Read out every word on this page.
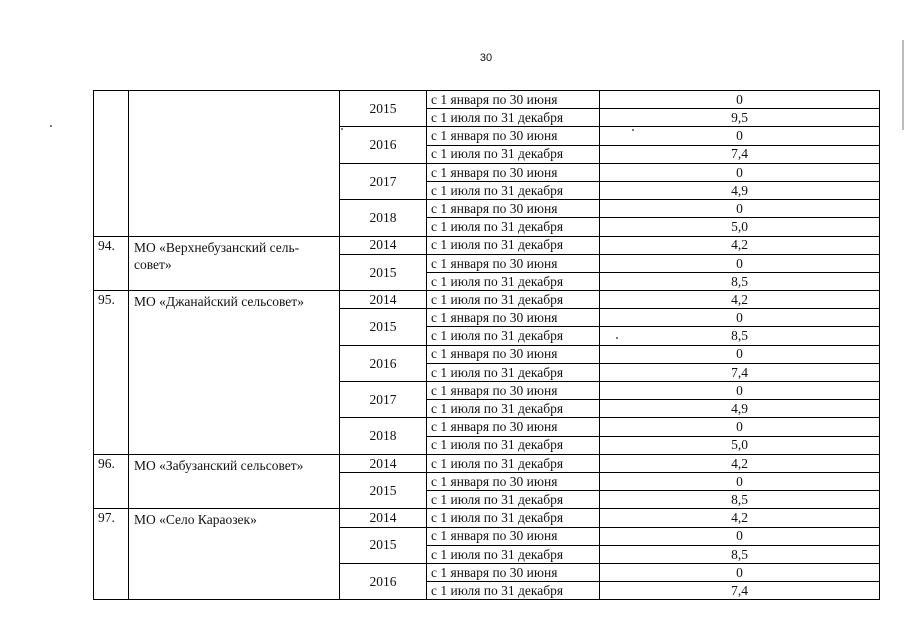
30
		2015	с 1 января по 30 июня	0
			с 1 июля по 31 декабря	9,5
		2016	с 1 января по 30 июня	0
			с 1 июля по 31 декабря	7,4
		2017	с 1 января по 30 июня	0
			с 1 июля по 31 декабря	4,9
		2018	с 1 января по 30 июня	0
			с 1 июля по 31 декабря	5,0
94.	МО «Верхнебузанский сель-совет»	2014	с 1 июля по 31 декабря	4,2
		2015	с 1 января по 30 июня	0
			с 1 июля по 31 декабря	8,5
95.	МО «Джанайский сельсовет»	2014	с 1 июля по 31 декабря	4,2
		2015	с 1 января по 30 июня	0
			с 1 июля по 31 декабря	8,5
		2016	с 1 января по 30 июня	0
			с 1 июля по 31 декабря	7,4
		2017	с 1 января по 30 июня	0
			с 1 июля по 31 декабря	4,9
		2018	с 1 января по 30 июня	0
			с 1 июля по 31 декабря	5,0
96.	МО «Забузанский сельсовет»	2014	с 1 июля по 31 декабря	4,2
		2015	с 1 января по 30 июня	0
			с 1 июля по 31 декабря	8,5
97.	МО «Село Караозек»	2014	с 1 июля по 31 декабря	4,2
		2015	с 1 января по 30 июня	0
			с 1 июля по 31 декабря	8,5
		2016	с 1 января по 30 июня	0
			с 1 июля по 31 декабря	7,4
